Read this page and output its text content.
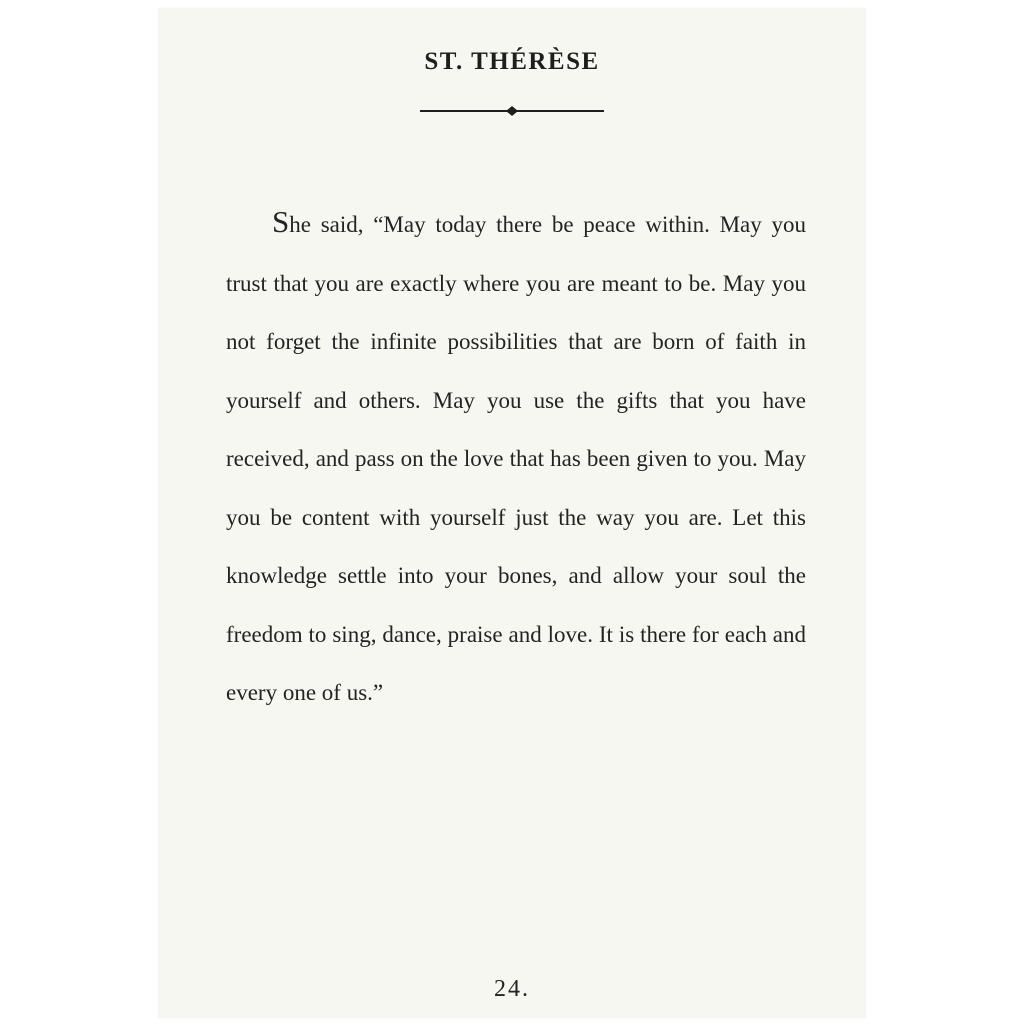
ST. THÉRÈSE

She said, “May today there be peace within. May you trust that you are exactly where you are meant to be. May you not forget the infinite possibilities that are born of faith in yourself and others. May you use the gifts that you have received, and pass on the love that has been given to you. May you be content with yourself just the way you are. Let this knowledge settle into your bones, and allow your soul the freedom to sing, dance, praise and love. It is there for each and every one of us.”

24.
